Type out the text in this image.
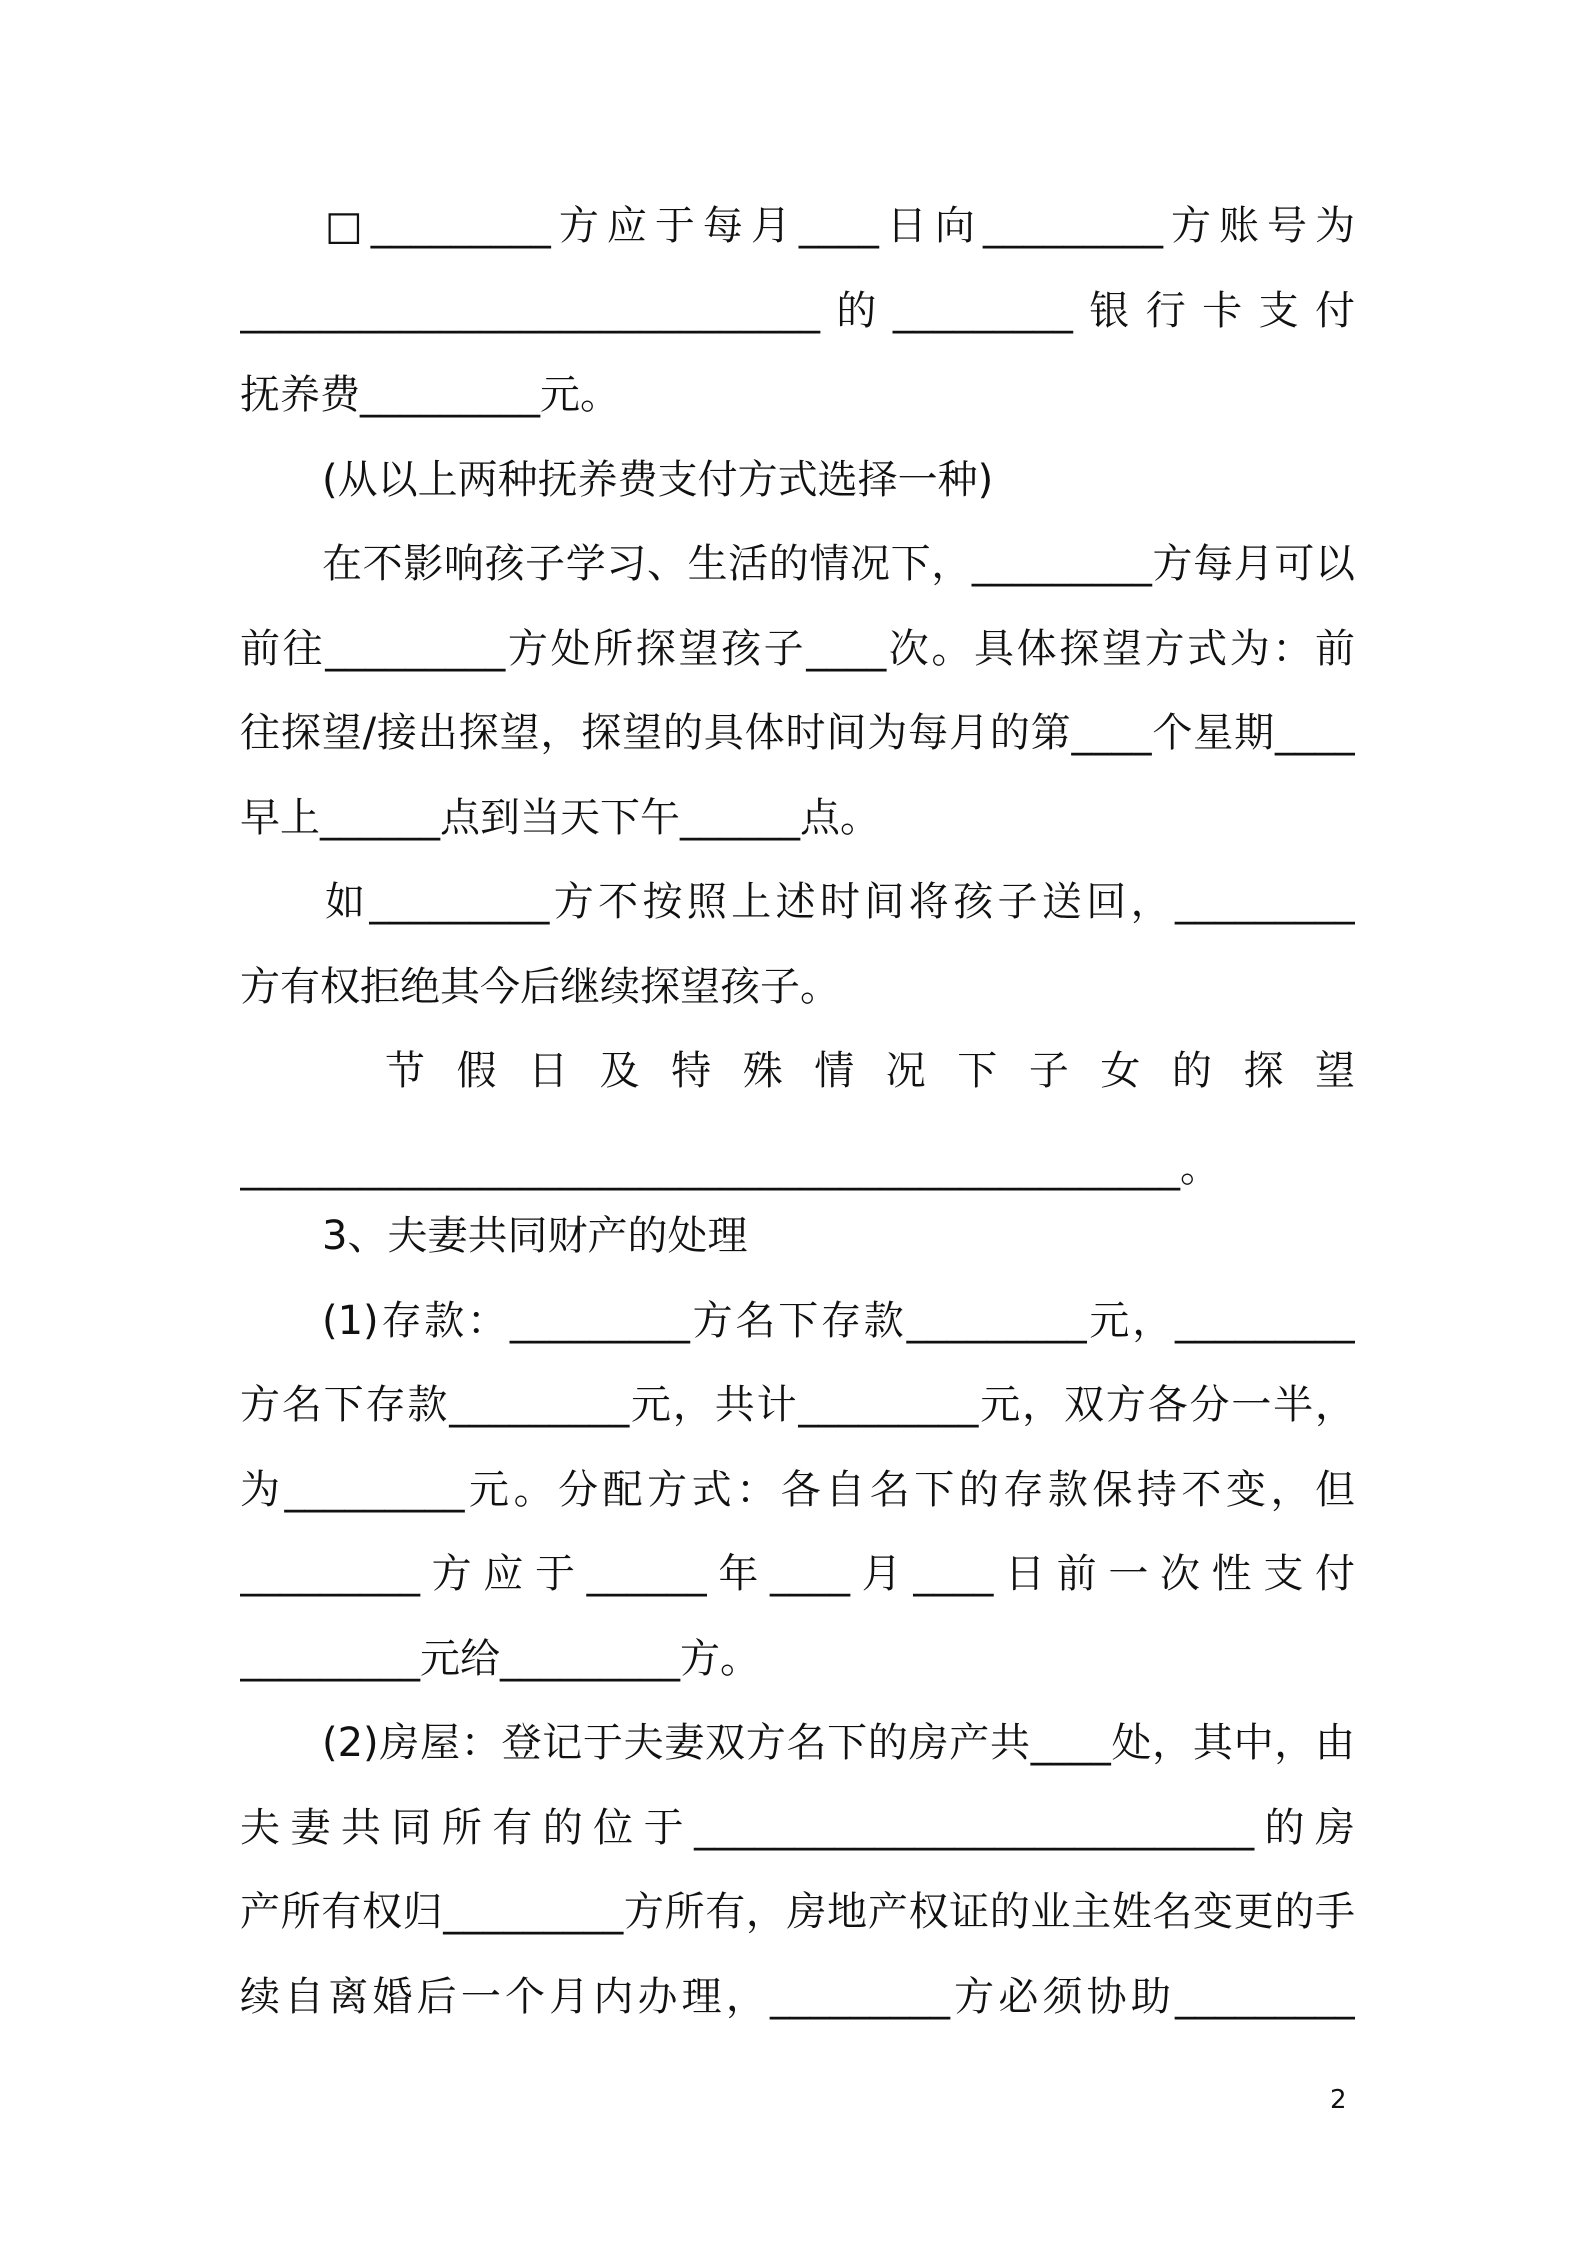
□_________方应于每月____日向_________方账号为
_____________________________的_________银行卡支付
抚养费_________元。
(从以上两种抚养费支付方式选择一种)
在不影响孩子学习、生活的情况下，_________方每月可以
前往_________方处所探望孩子____次。具体探望方式为：前
往探望/接出探望，探望的具体时间为每月的第____个星期____
早上______点到当天下午______点。
如_________方不按照上述时间将孩子送回，_________
方有权拒绝其今后继续探望孩子。
节 假 日 及 特 殊 情 况 下 子 女 的 探 望
_______________________________________________。
3、夫妻共同财产的处理
(1)存款：_________方名下存款_________元，_________
方名下存款_________元，共计_________元，双方各分一半，
为_________元。分配方式：各自名下的存款保持不变，但
_________方应于______年____月____日前一次性支付
_________元给_________方。
(2)房屋：登记于夫妻双方名下的房产共____处，其中，由
夫妻共同所有的位于____________________________的房
产所有权归_________方所有，房地产权证的业主姓名变更的手
续自离婚后一个月内办理，_________方必须协助_________
2
